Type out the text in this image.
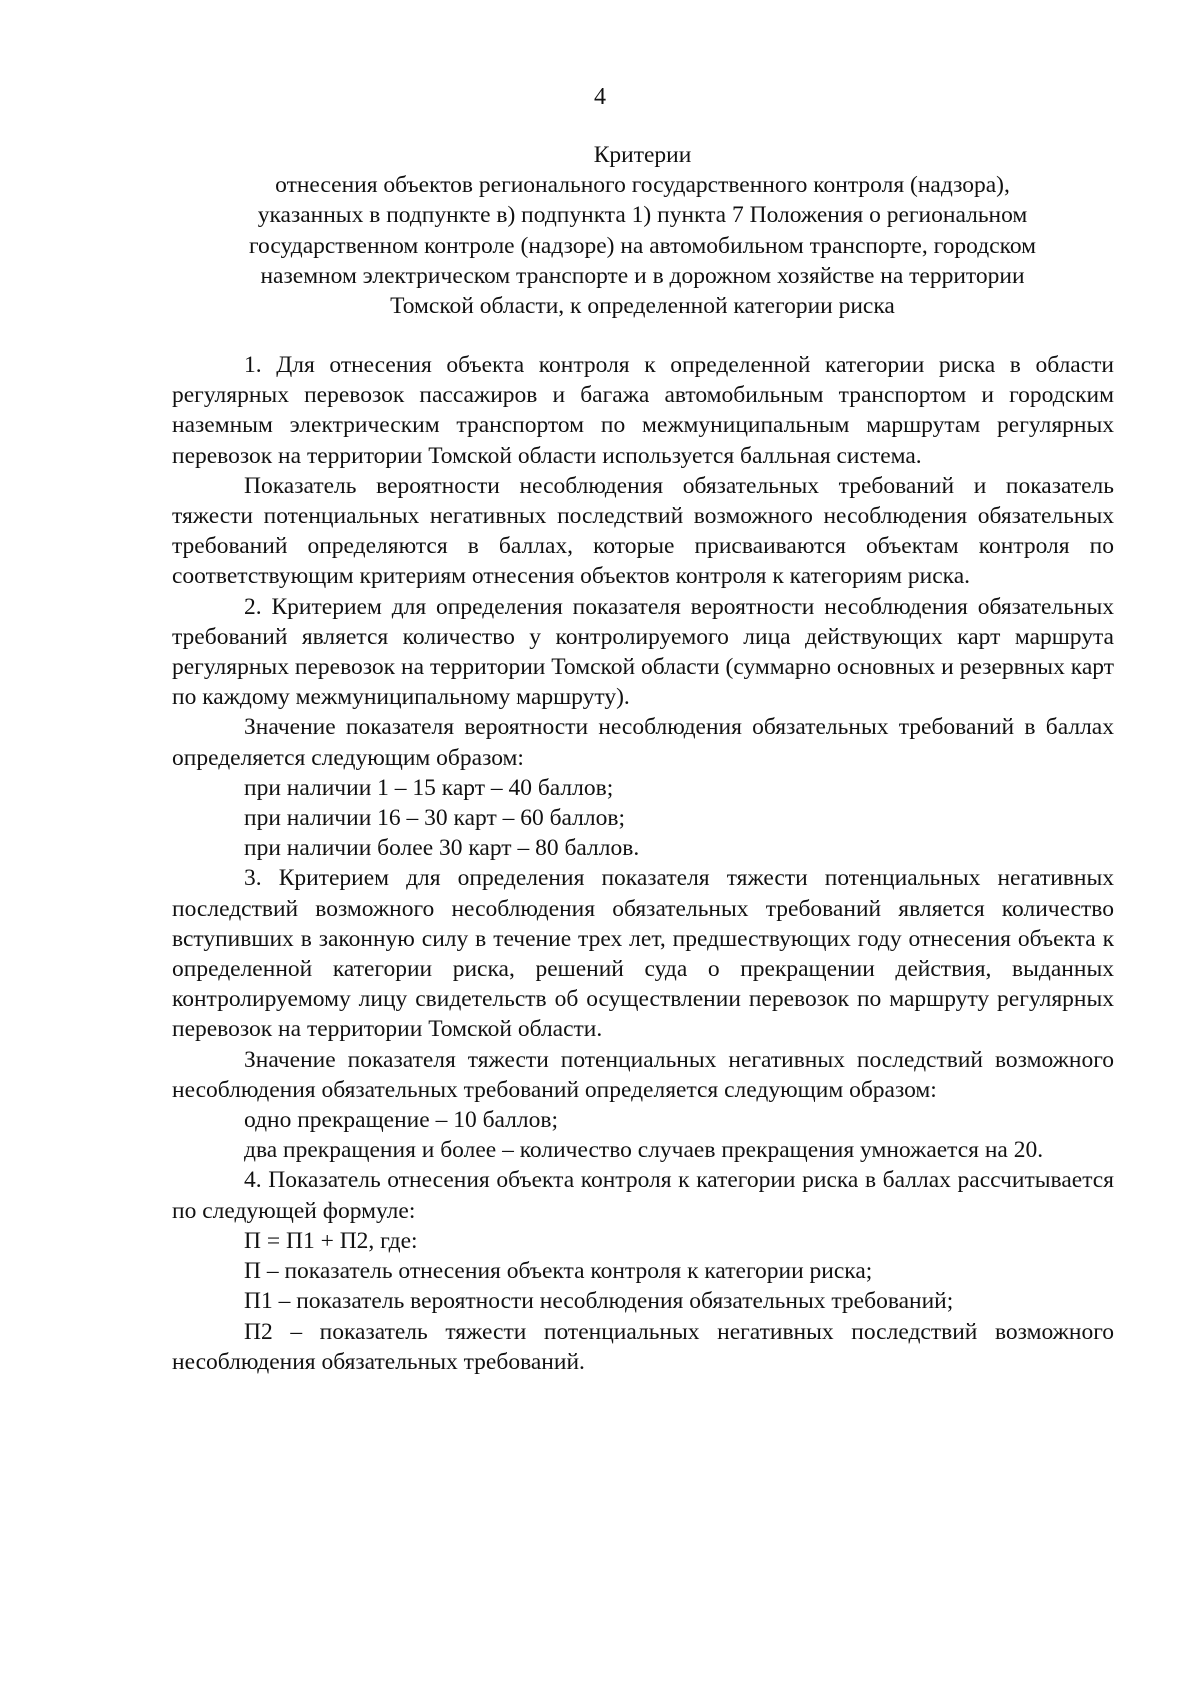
4
Критерии
отнесения объектов регионального государственного контроля (надзора),
указанных в подпункте в) подпункта 1) пункта 7 Положения о региональном
государственном контроле (надзоре) на автомобильном транспорте, городском
наземном электрическом транспорте и в дорожном хозяйстве на территории
Томской области, к определенной категории риска

1. Для отнесения объекта контроля к определенной категории риска в области регулярных перевозок пассажиров и багажа автомобильным транспортом и городским наземным электрическим транспортом по межмуниципальным маршрутам регулярных перевозок на территории Томской области используется балльная система.

Показатель вероятности несоблюдения обязательных требований и показатель тяжести потенциальных негативных последствий возможного несоблюдения обязательных требований определяются в баллах, которые присваиваются объектам контроля по соответствующим критериям отнесения объектов контроля к категориям риска.

2. Критерием для определения показателя вероятности несоблюдения обязательных требований является количество у контролируемого лица действующих карт маршрута регулярных перевозок на территории Томской области (суммарно основных и резервных карт по каждому межмуниципальному маршруту).

Значение показателя вероятности несоблюдения обязательных требований в баллах определяется следующим образом:

при наличии 1 – 15 карт – 40 баллов;

при наличии 16 – 30 карт – 60 баллов;

при наличии более 30 карт – 80 баллов.

3. Критерием для определения показателя тяжести потенциальных негативных последствий возможного несоблюдения обязательных требований является количество вступивших в законную силу в течение трех лет, предшествующих году отнесения объекта к определенной категории риска, решений суда о прекращении действия, выданных контролируемому лицу свидетельств об осуществлении перевозок по маршруту регулярных перевозок на территории Томской области.

Значение показателя тяжести потенциальных негативных последствий возможного несоблюдения обязательных требований определяется следующим образом:

одно прекращение – 10 баллов;

два прекращения и более – количество случаев прекращения умножается на 20.

4. Показатель отнесения объекта контроля к категории риска в баллах рассчитывается по следующей формуле:

П = П1 + П2, где:

П – показатель отнесения объекта контроля к категории риска;

П1 – показатель вероятности несоблюдения обязательных требований;

П2 – показатель тяжести потенциальных негативных последствий возможного несоблюдения обязательных требований.
